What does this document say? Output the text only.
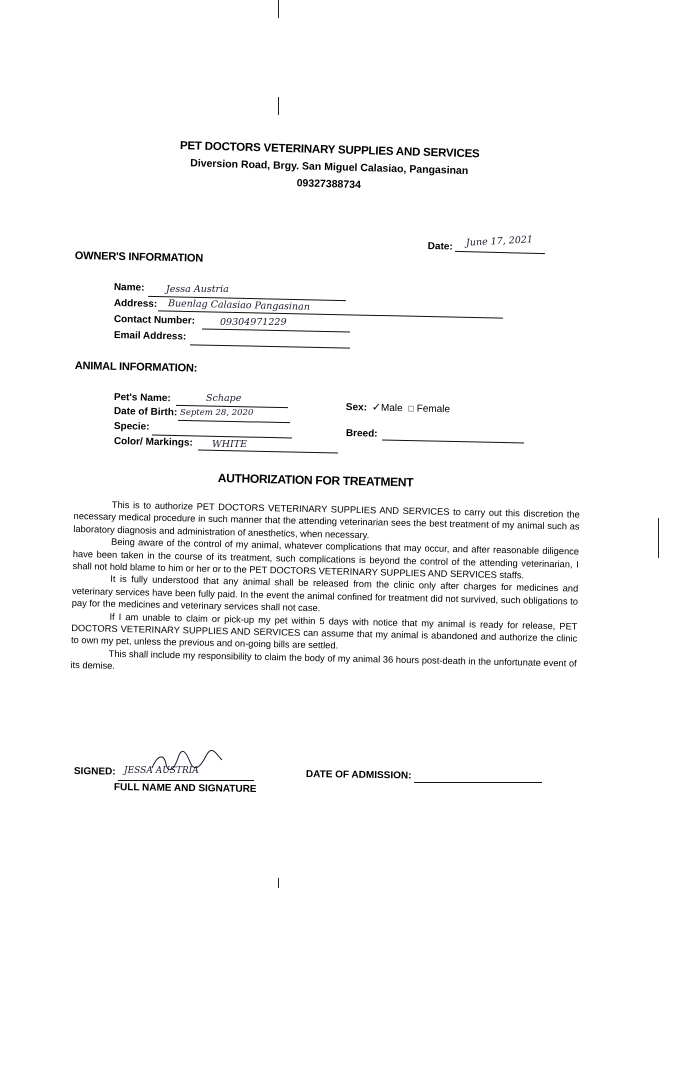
PET DOCTORS VETERINARY SUPPLIES AND SERVICES
Diversion Road, Brgy. San Miguel Calasiao, Pangasinan
09327388734
Date: June 17, 2021
OWNER'S INFORMATION
Name: Jessa Austria
Address: Buenlag Calasiao Pangasinan
Contact Number:	09304971229
Email Address:
ANIMAL INFORMATION:
Pet's Name:	Schape
Date of Birth: Septem 28, 2020
Specie:
Color/ Markings: WHITE
Sex: ✓Male □ Female
Breed:
AUTHORIZATION FOR TREATMENT

This is to authorize PET DOCTORS VETERINARY SUPPLIES AND SERVICES to carry out this discretion the necessary medical procedure in such manner that the attending veterinarian sees the best treatment of my animal such as laboratory diagnosis and administration of anesthetics, when necessary.

Being aware of the control of my animal, whatever complications that may occur, and after reasonable diligence have been taken in the course of its treatment, such complications is beyond the control of the attending veterinarian, I shall not hold blame to him or her or to the PET DOCTORS VETERINARY SUPPLIES AND SERVICES staffs.

It is fully understood that any animal shall be released from the clinic only after charges for medicines and veterinary services have been fully paid. In the event the animal confined for treatment did not survived, such obligations to pay for the medicines and veterinary services shall not case.

If I am unable to claim or pick-up my pet within 5 days with notice that my animal is ready for release, PET DOCTORS VETERINARY SUPPLIES AND SERVICES can assume that my animal is abandoned and authorize the clinic to own my pet, unless the previous and on-going bills are settled.

This shall include my responsibility to claim the body of my animal 36 hours post-death in the unfortunate event of its demise.

SIGNED: JESSA AUSTRIA
FULL NAME AND SIGNATURE
DATE OF ADMISSION:
